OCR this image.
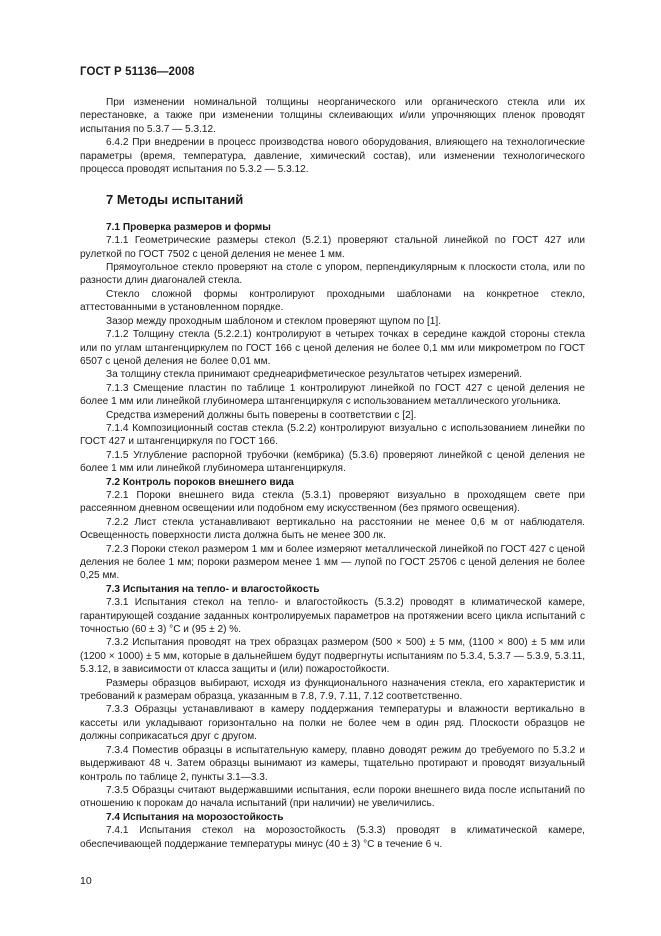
ГОСТ Р 51136—2008

При изменении номинальной толщины неорганического или органического стекла или их перестановке, а также при изменении толщины склеивающих и/или упрочняющих пленок проводят испытания по 5.3.7 — 5.3.12.

6.4.2 При внедрении в процесс производства нового оборудования, влияющего на технологические параметры (время, температура, давление, химический состав), или изменении технологического процесса проводят испытания по 5.3.2 — 5.3.12.

7 Методы испытаний

7.1 Проверка размеров и формы

7.1.1 Геометрические размеры стекол (5.2.1) проверяют стальной линейкой по ГОСТ 427 или рулеткой по ГОСТ 7502 с ценой деления не менее 1 мм.

Прямоугольное стекло проверяют на столе с упором, перпендикулярным к плоскости стола, или по разности длин диагоналей стекла.

Стекло сложной формы контролируют проходными шаблонами на конкретное стекло, аттестованными в установленном порядке.

Зазор между проходным шаблоном и стеклом проверяют щупом по [1].

7.1.2 Толщину стекла (5.2.2.1) контролируют в четырех точках в середине каждой стороны стекла или по углам штангенциркулем по ГОСТ 166 с ценой деления не более 0,1 мм или микрометром по ГОСТ 6507 с ценой деления не более 0,01 мм.

За толщину стекла принимают среднеарифметическое результатов четырех измерений.

7.1.3 Смещение пластин по таблице 1 контролируют линейкой по ГОСТ 427 с ценой деления не более 1 мм или линейкой глубиномера штангенциркуля с использованием металлического угольника.

Средства измерений должны быть поверены в соответствии с [2].

7.1.4 Композиционный состав стекла (5.2.2) контролируют визуально с использованием линейки по ГОСТ 427 и штангенциркуля по ГОСТ 166.

7.1.5 Углубление распорной трубочки (кембрика) (5.3.6) проверяют линейкой с ценой деления не более 1 мм или линейкой глубиномера штангенциркуля.

7.2 Контроль пороков внешнего вида

7.2.1 Пороки внешнего вида стекла (5.3.1) проверяют визуально в проходящем свете при рассеянном дневном освещении или подобном ему искусственном (без прямого освещения).

7.2.2 Лист стекла устанавливают вертикально на расстоянии не менее 0,6 м от наблюдателя. Освещенность поверхности листа должна быть не менее 300 лк.

7.2.3 Пороки стекол размером 1 мм и более измеряют металлической линейкой по ГОСТ 427 с ценой деления не более 1 мм; пороки размером менее 1 мм — лупой по ГОСТ 25706 с ценой деления не более 0,25 мм.

7.3 Испытания на тепло- и влагостойкость

7.3.1 Испытания стекол на тепло- и влагостойкость (5.3.2) проводят в климатической камере, гарантирующей создание заданных контролируемых параметров на протяжении всего цикла испытаний с точностью (60 ± 3) °С и (95 ± 2) %.

7.3.2 Испытания проводят на трех образцах размером (500 × 500) ± 5 мм, (1100 × 800) ± 5 мм или (1200 × 1000) ± 5 мм, которые в дальнейшем будут подвергнуты испытаниям по 5.3.4, 5.3.7 — 5.3.9, 5.3.11, 5.3.12, в зависимости от класса защиты и (или) пожаростойкости.

Размеры образцов выбирают, исходя из функционального назначения стекла, его характеристик и требований к размерам образца, указанным в 7.8, 7.9, 7.11, 7.12 соответственно.

7.3.3 Образцы устанавливают в камеру поддержания температуры и влажности вертикально в кассеты или укладывают горизонтально на полки не более чем в один ряд. Плоскости образцов не должны соприкасаться друг с другом.

7.3.4 Поместив образцы в испытательную камеру, плавно доводят режим до требуемого по 5.3.2 и выдерживают 48 ч. Затем образцы вынимают из камеры, тщательно протирают и проводят визуальный контроль по таблице 2, пункты 3.1—3.3.

7.3.5 Образцы считают выдержавшими испытания, если пороки внешнего вида после испытаний по отношению к порокам до начала испытаний (при наличии) не увеличились.

7.4 Испытания на морозостойкость

7.4.1 Испытания стекол на морозостойкость (5.3.3) проводят в климатической камере, обеспечивающей поддержание температуры минус (40 ± 3) °С в течение 6 ч.

10
